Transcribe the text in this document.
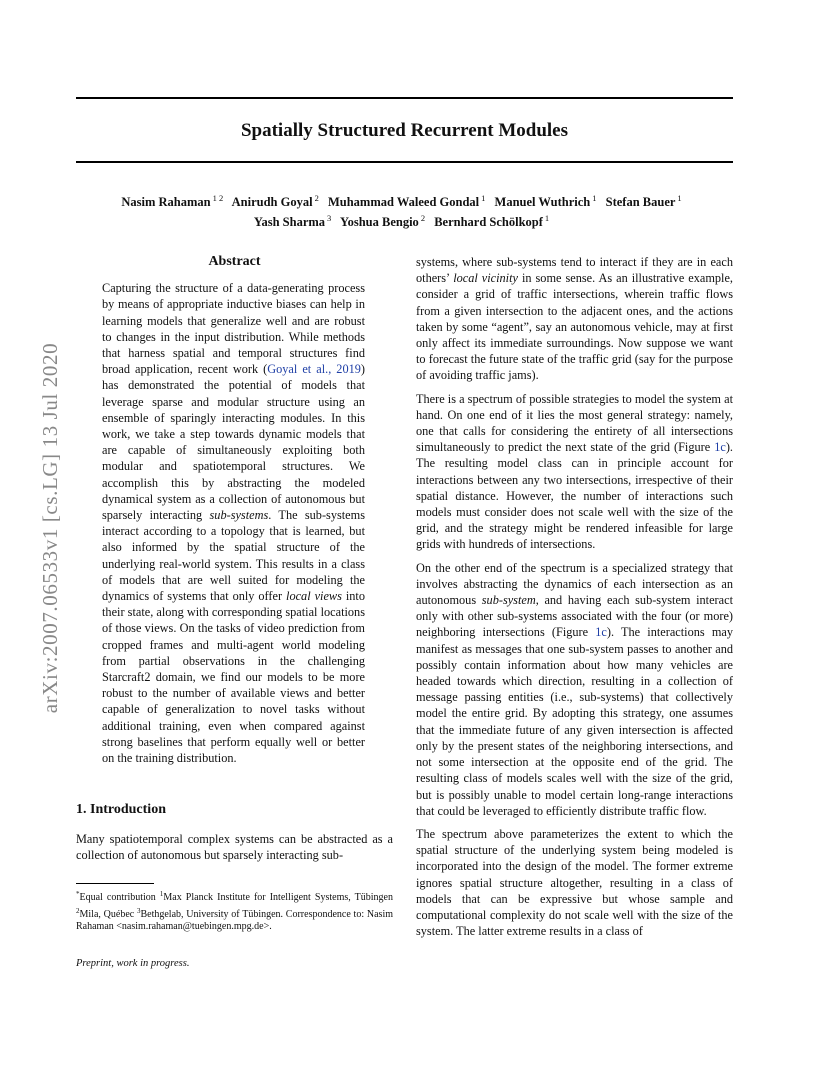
Spatially Structured Recurrent Modules
Nasim Rahaman $^{1 2}$ Anirudh Goyal $^2$ Muhammad Waleed Gondal $^1$ Manuel Wuthrich $^1$ Stefan Bauer $^1$
Yash Sharma $^3$ Yoshua Bengio $^2$ Bernhard Schölkopf $^1$
arXiv:2007.06533v1 [cs.LG] 13 Jul 2020
Abstract

Capturing the structure of a data-generating process by means of appropriate inductive biases can help in learning models that generalize well and are robust to changes in the input distribution. While methods that harness spatial and temporal structures find broad application, recent work (Goyal et al., 2019) has demonstrated the potential of models that leverage sparse and modular structure using an ensemble of sparingly interacting modules. In this work, we take a step towards dynamic models that are capable of simultaneously exploiting both modular and spatiotemporal structures. We accomplish this by abstracting the modeled dynamical system as a collection of autonomous but sparsely interacting sub-systems. The sub-systems interact according to a topology that is learned, but also informed by the spatial structure of the underlying real-world system. This results in a class of models that are well suited for modeling the dynamics of systems that only offer local views into their state, along with corresponding spatial locations of those views. On the tasks of video prediction from cropped frames and multi-agent world modeling from partial observations in the challenging Starcraft2 domain, we find our models to be more robust to the number of available views and better capable of generalization to novel tasks without additional training, even when compared against strong baselines that perform equally well or better on the training distribution.

1. Introduction

Many spatiotemporal complex systems can be abstracted as a collection of autonomous but sparsely interacting sub-

systems, where sub-systems tend to interact if they are in each others’ local vicinity in some sense. As an illustrative example, consider a grid of traffic intersections, wherein traffic flows from a given intersection to the adjacent ones, and the actions taken by some “agent”, say an autonomous vehicle, may at first only affect its immediate surroundings. Now suppose we want to forecast the future state of the traffic grid (say for the purpose of avoiding traffic jams).

There is a spectrum of possible strategies to model the system at hand. On one end of it lies the most general strategy: namely, one that calls for considering the entirety of all intersections simultaneously to predict the next state of the grid (Figure 1c). The resulting model class can in principle account for interactions between any two intersections, irrespective of their spatial distance. However, the number of interactions such models must consider does not scale well with the size of the grid, and the strategy might be rendered infeasible for large grids with hundreds of intersections.

On the other end of the spectrum is a specialized strategy that involves abstracting the dynamics of each intersection as an autonomous sub-system, and having each sub-system interact only with other sub-systems associated with the four (or more) neighboring intersections (Figure 1c). The interactions may manifest as messages that one sub-system passes to another and possibly contain information about how many vehicles are headed towards which direction, resulting in a collection of message passing entities (i.e., sub-systems) that collectively model the entire grid. By adopting this strategy, one assumes that the immediate future of any given intersection is affected only by the present states of the neighboring intersections, and not some intersection at the opposite end of the grid. The resulting class of models scales well with the size of the grid, but is possibly unable to model certain long-range interactions that could be leveraged to efficiently distribute traffic flow.

The spectrum above parameterizes the extent to which the spatial structure of the underlying system being modeled is incorporated into the design of the model. The former extreme ignores spatial structure altogether, resulting in a class of models that can be expressive but whose sample and computational complexity do not scale well with the size of the system. The latter extreme results in a class of

*Equal contribution $^1$Max Planck Institute for Intelligent Systems, Tübingen $^2$Mila, Québec $^3$Bethgelab, University of Tübingen. Correspondence to: Nasim Rahaman <nasim.rahaman@tuebingen.mpg.de>.
Preprint, work in progress.
